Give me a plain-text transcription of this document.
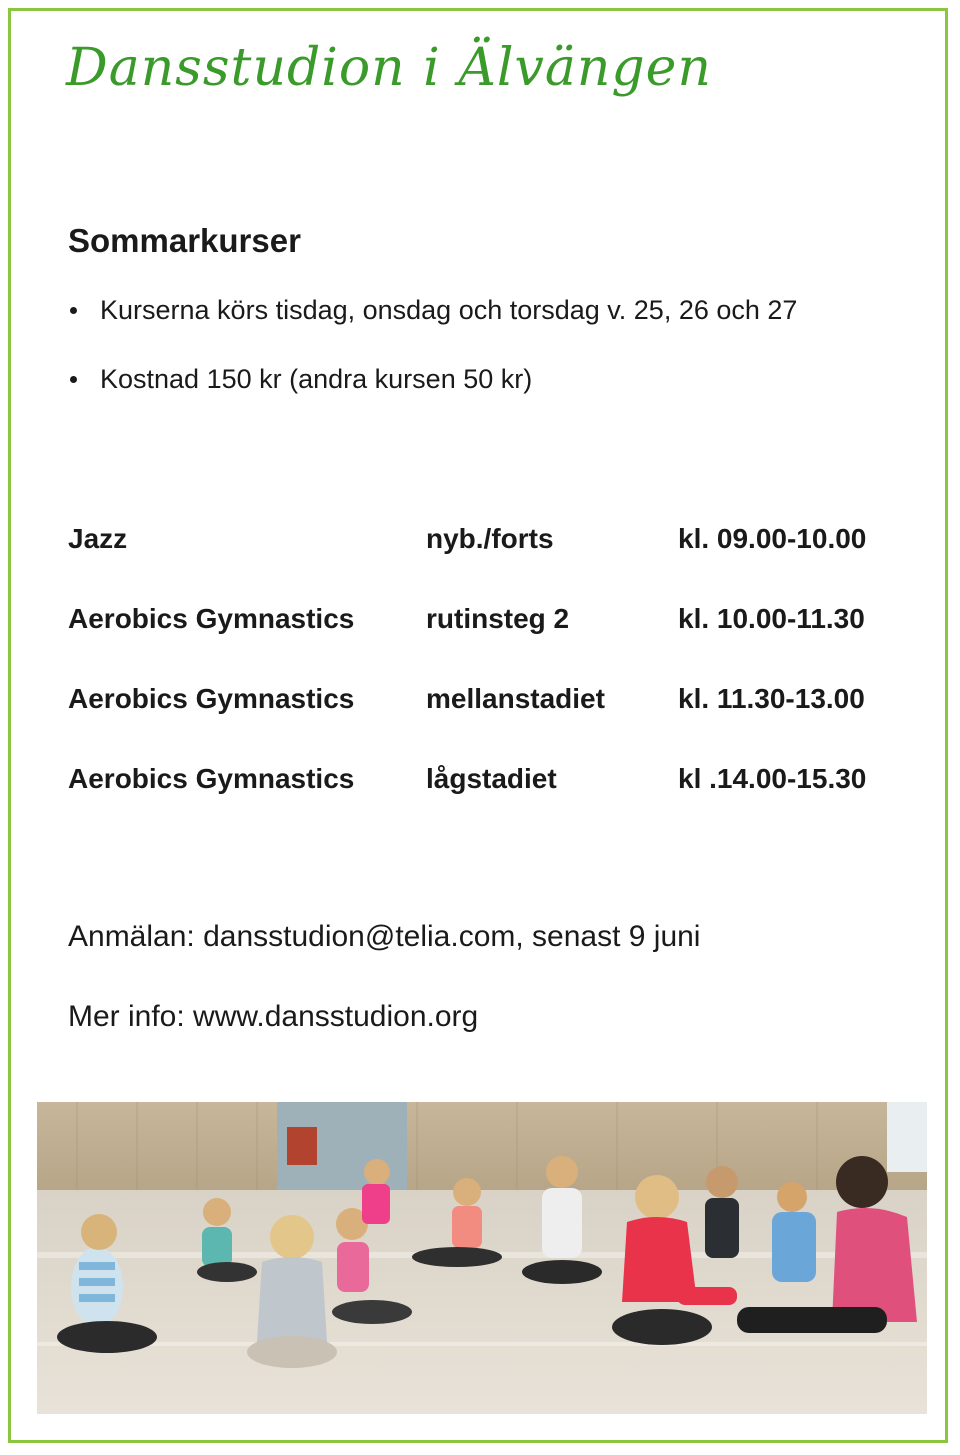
Dansstudion i Älvängen
Sommarkurser
Kurserna körs tisdag, onsdag och torsdag v. 25, 26 och 27
Kostnad 150 kr (andra kursen 50 kr)
Jazz	nyb./forts	kl. 09.00-10.00
Aerobics Gymnastics	rutinsteg 2	kl. 10.00-11.30
Aerobics Gymnastics	mellanstadiet	kl. 11.30-13.00
Aerobics Gymnastics	lågstadiet	kl .14.00-15.30
Anmälan: dansstudion@telia.com, senast 9 juni
Mer info: www.dansstudion.org
